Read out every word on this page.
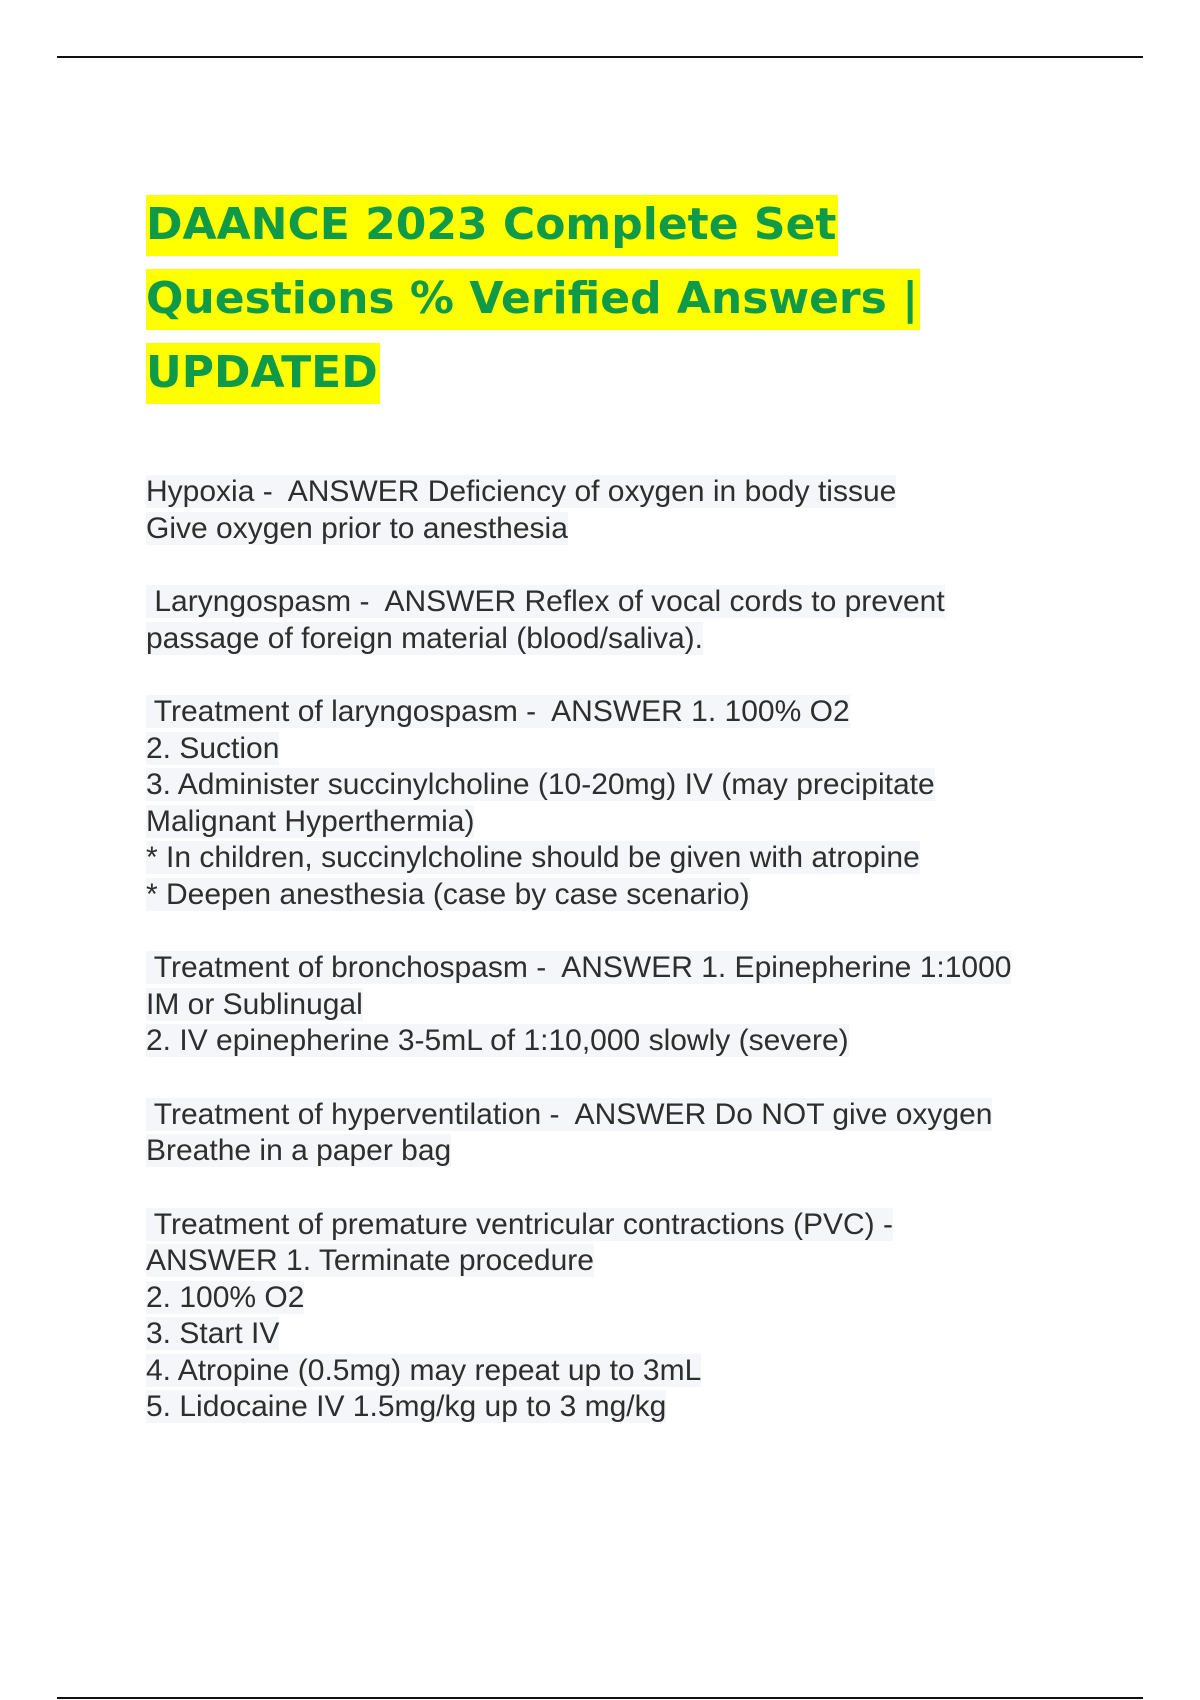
DAANCE 2023 Complete Set
Questions % Verified Answers |
UPDATED
Hypoxia -  ANSWER Deficiency of oxygen in body tissue
Give oxygen prior to anesthesia
Laryngospasm -  ANSWER Reflex of vocal cords to prevent
passage of foreign material (blood/saliva).
Treatment of laryngospasm -  ANSWER 1. 100% O2
2. Suction
3. Administer succinylcholine (10-20mg) IV (may precipitate
Malignant Hyperthermia)
* In children, succinylcholine should be given with atropine
* Deepen anesthesia (case by case scenario)
Treatment of bronchospasm -  ANSWER 1. Epinepherine 1:1000
IM or Sublinugal
2. IV epinepherine 3-5mL of 1:10,000 slowly (severe)
Treatment of hyperventilation -  ANSWER Do NOT give oxygen
Breathe in a paper bag
Treatment of premature ventricular contractions (PVC) -
ANSWER 1. Terminate procedure
2. 100% O2
3. Start IV
4. Atropine (0.5mg) may repeat up to 3mL
5. Lidocaine IV 1.5mg/kg up to 3 mg/kg
